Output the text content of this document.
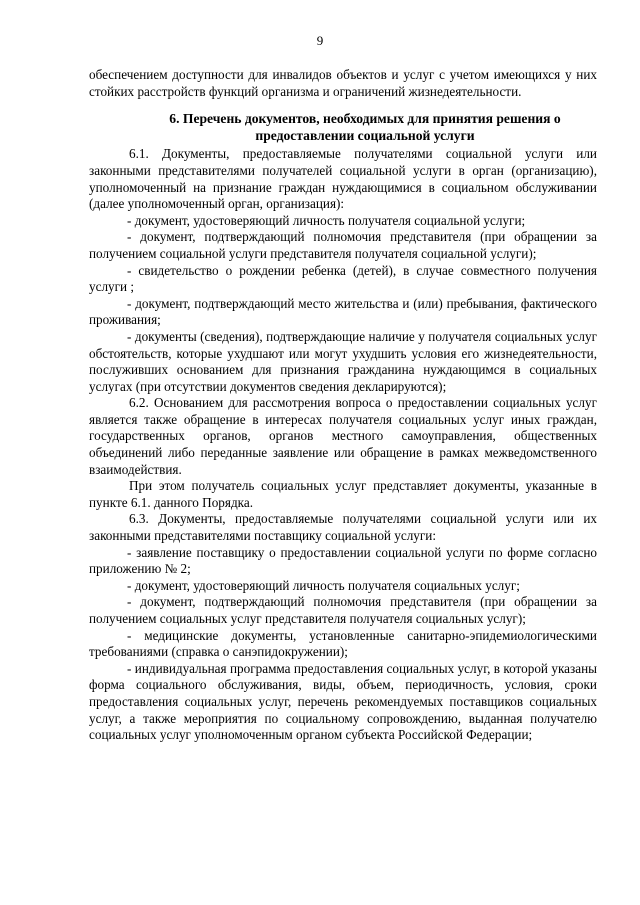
9

обеспечением доступности для инвалидов объектов и услуг с учетом имеющихся у них стойких расстройств функций организма и ограничений жизнедеятельности.

6. Перечень документов, необходимых для принятия решения о предоставлении социальной услуги

6.1. Документы, предоставляемые получателями социальной услуги или законными представителями получателей социальной услуги в орган (организацию), уполномоченный на признание граждан нуждающимися в социальном обслуживании (далее уполномоченный орган, организация):

- документ, удостоверяющий личность получателя социальной услуги;

- документ, подтверждающий полномочия представителя (при обращении за получением социальной услуги представителя получателя социальной услуги);

- свидетельство о рождении ребенка (детей), в случае совместного получения услуги ;

- документ, подтверждающий место жительства и (или) пребывания, фактического проживания;

- документы (сведения), подтверждающие наличие у получателя социальных услуг обстоятельств, которые ухудшают или могут ухудшить условия его жизнедеятельности, послуживших основанием для признания гражданина нуждающимся в социальных услугах (при отсутствии документов сведения декларируются);

6.2. Основанием для рассмотрения вопроса о предоставлении социальных услуг является также обращение в интересах получателя социальных услуг иных граждан, государственных органов, органов местного самоуправления, общественных объединений либо переданные заявление или обращение в рамках межведомственного взаимодействия.

При этом получатель социальных услуг представляет документы, указанные в пункте 6.1. данного Порядка.

6.3. Документы, предоставляемые получателями социальной услуги или их законными представителями поставщику социальной услуги:

- заявление поставщику о предоставлении социальной услуги по форме согласно приложению № 2;

- документ, удостоверяющий личность получателя социальных услуг;

- документ, подтверждающий полномочия представителя (при обращении за получением социальных услуг представителя получателя социальных услуг);

- медицинские документы, установленные санитарно-эпидемиологическими требованиями (справка о санэпидокружении);

- индивидуальная программа предоставления социальных услуг, в которой указаны форма социального обслуживания, виды, объем, периодичность, условия, сроки предоставления социальных услуг, перечень рекомендуемых поставщиков социальных услуг, а также мероприятия по социальному сопровождению, выданная получателю социальных услуг уполномоченным органом субъекта Российской Федерации;
